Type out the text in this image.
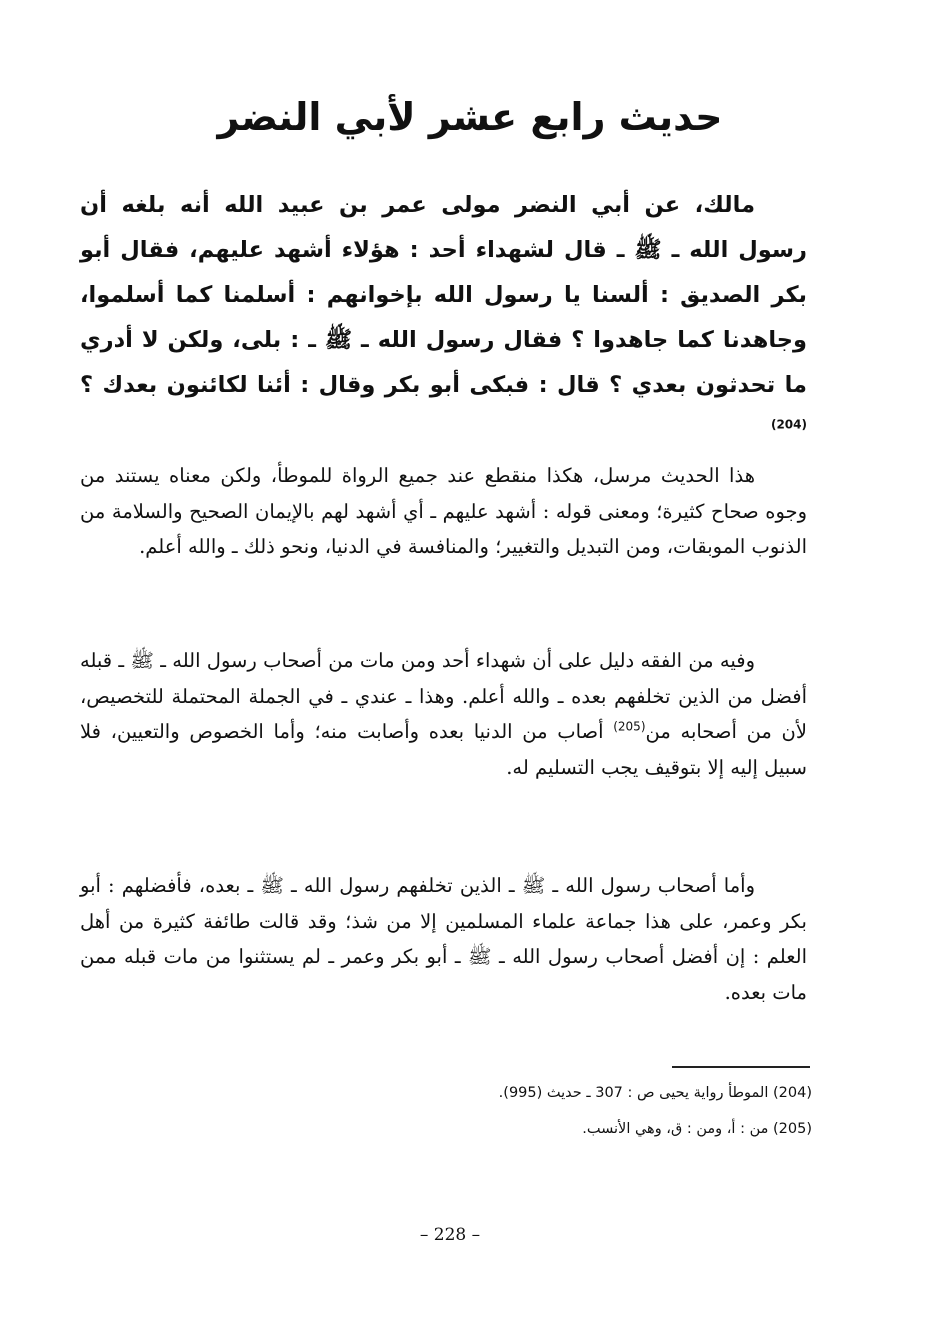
حديث رابع عشر لأبي النضر

مالك، عن أبي النضر مولى عمر بن عبيد الله أنه بلغه أن رسول الله ـ ﷺ ـ قال لشهداء أحد : هؤلاء أشهد عليهم، فقال أبو بكر الصديق : ألسنا يا رسول الله بإخوانهم : أسلمنا كما أسلموا، وجاهدنا كما جاهدوا ؟ فقال رسول الله ـ ﷺ ـ : بلى، ولكن لا أدري ما تحدثون بعدي ؟ قال : فبكى أبو بكر وقال : أئنا لكائنون بعدك ؟$^{(204)}$

هذا الحديث مرسل، هكذا منقطع عند جميع الرواة للموطأ، ولكن معناه يستند من وجوه صحاح كثيرة؛ ومعنى قوله : أشهد عليهم ـ أي أشهد لهم بالإيمان الصحيح والسلامة من الذنوب الموبقات، ومن التبديل والتغيير؛ والمنافسة في الدنيا، ونحو ذلك ـ والله أعلم.

وفيه من الفقه دليل على أن شهداء أحد ومن مات من أصحاب رسول الله ـ ﷺ ـ قبله أفضل من الذين تخلفهم بعده ـ والله أعلم. وهذا ـ عندي ـ في الجملة المحتملة للتخصيص، لأن من أصحابه من$^{(205)}$ أصاب من الدنيا بعده وأصابت منه؛ وأما الخصوص والتعيين، فلا سبيل إليه إلا بتوقيف يجب التسليم له.

وأما أصحاب رسول الله ـ ﷺ ـ الذين تخلفهم رسول الله ـ ﷺ ـ بعده، فأفضلهم : أبو بكر وعمر، على هذا جماعة علماء المسلمين إلا من شذ؛ وقد قالت طائفة كثيرة من أهل العلم : إن أفضل أصحاب رسول الله ـ ﷺ ـ أبو بكر وعمر ـ لم يستثنوا من مات قبله ممن مات بعده.

(204) الموطأ رواية يحيى ص : 307 ـ حديث (995).
(205) من : أ، ومن : ق، وهي الأنسب.
– 228 –
